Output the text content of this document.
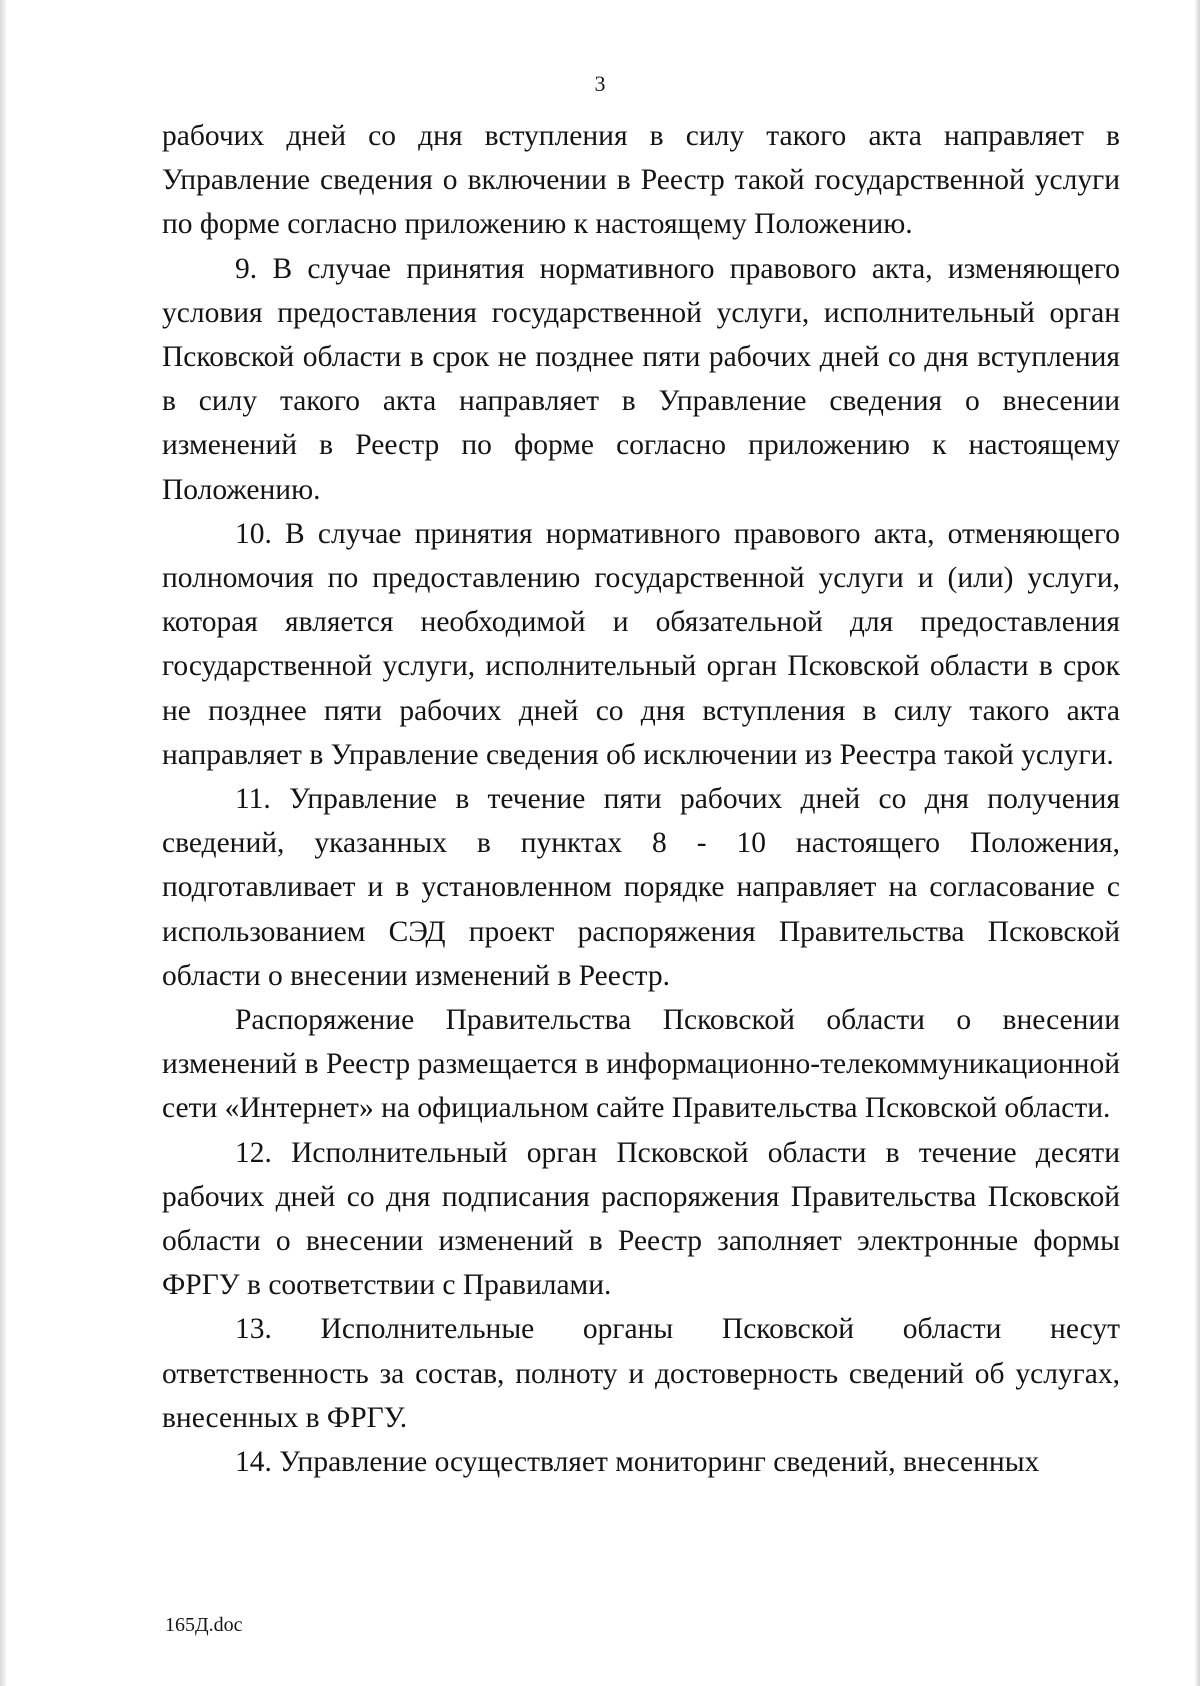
3

рабочих дней со дня вступления в силу такого акта направляет в Управление сведения о включении в Реестр такой государственной услуги по форме согласно приложению к настоящему Положению.

9. В случае принятия нормативного правового акта, изменяющего условия предоставления государственной услуги, исполнительный орган Псковской области в срок не позднее пяти рабочих дней со дня вступления в силу такого акта направляет в Управление сведения о внесении изменений в Реестр по форме согласно приложению к настоящему Положению.

10. В случае принятия нормативного правового акта, отменяющего полномочия по предоставлению государственной услуги и (или) услуги, которая является необходимой и обязательной для предоставления государственной услуги, исполнительный орган Псковской области в срок не позднее пяти рабочих дней со дня вступления в силу такого акта направляет в Управление сведения об исключении из Реестра такой услуги.

11. Управление в течение пяти рабочих дней со дня получения сведений, указанных в пунктах 8 - 10 настоящего Положения, подготавливает и в установленном порядке направляет на согласование с использованием СЭД проект распоряжения Правительства Псковской области о внесении изменений в Реестр.

Распоряжение Правительства Псковской области о внесении изменений в Реестр размещается в информационно-телекоммуникационной сети «Интернет» на официальном сайте Правительства Псковской области.

12. Исполнительный орган Псковской области в течение десяти рабочих дней со дня подписания распоряжения Правительства Псковской области о внесении изменений в Реестр заполняет электронные формы ФРГУ в соответствии с Правилами.

13. Исполнительные органы Псковской области несут ответственность за состав, полноту и достоверность сведений об услугах, внесенных в ФРГУ.

14. Управление осуществляет мониторинг сведений, внесенных

165Д.doc
